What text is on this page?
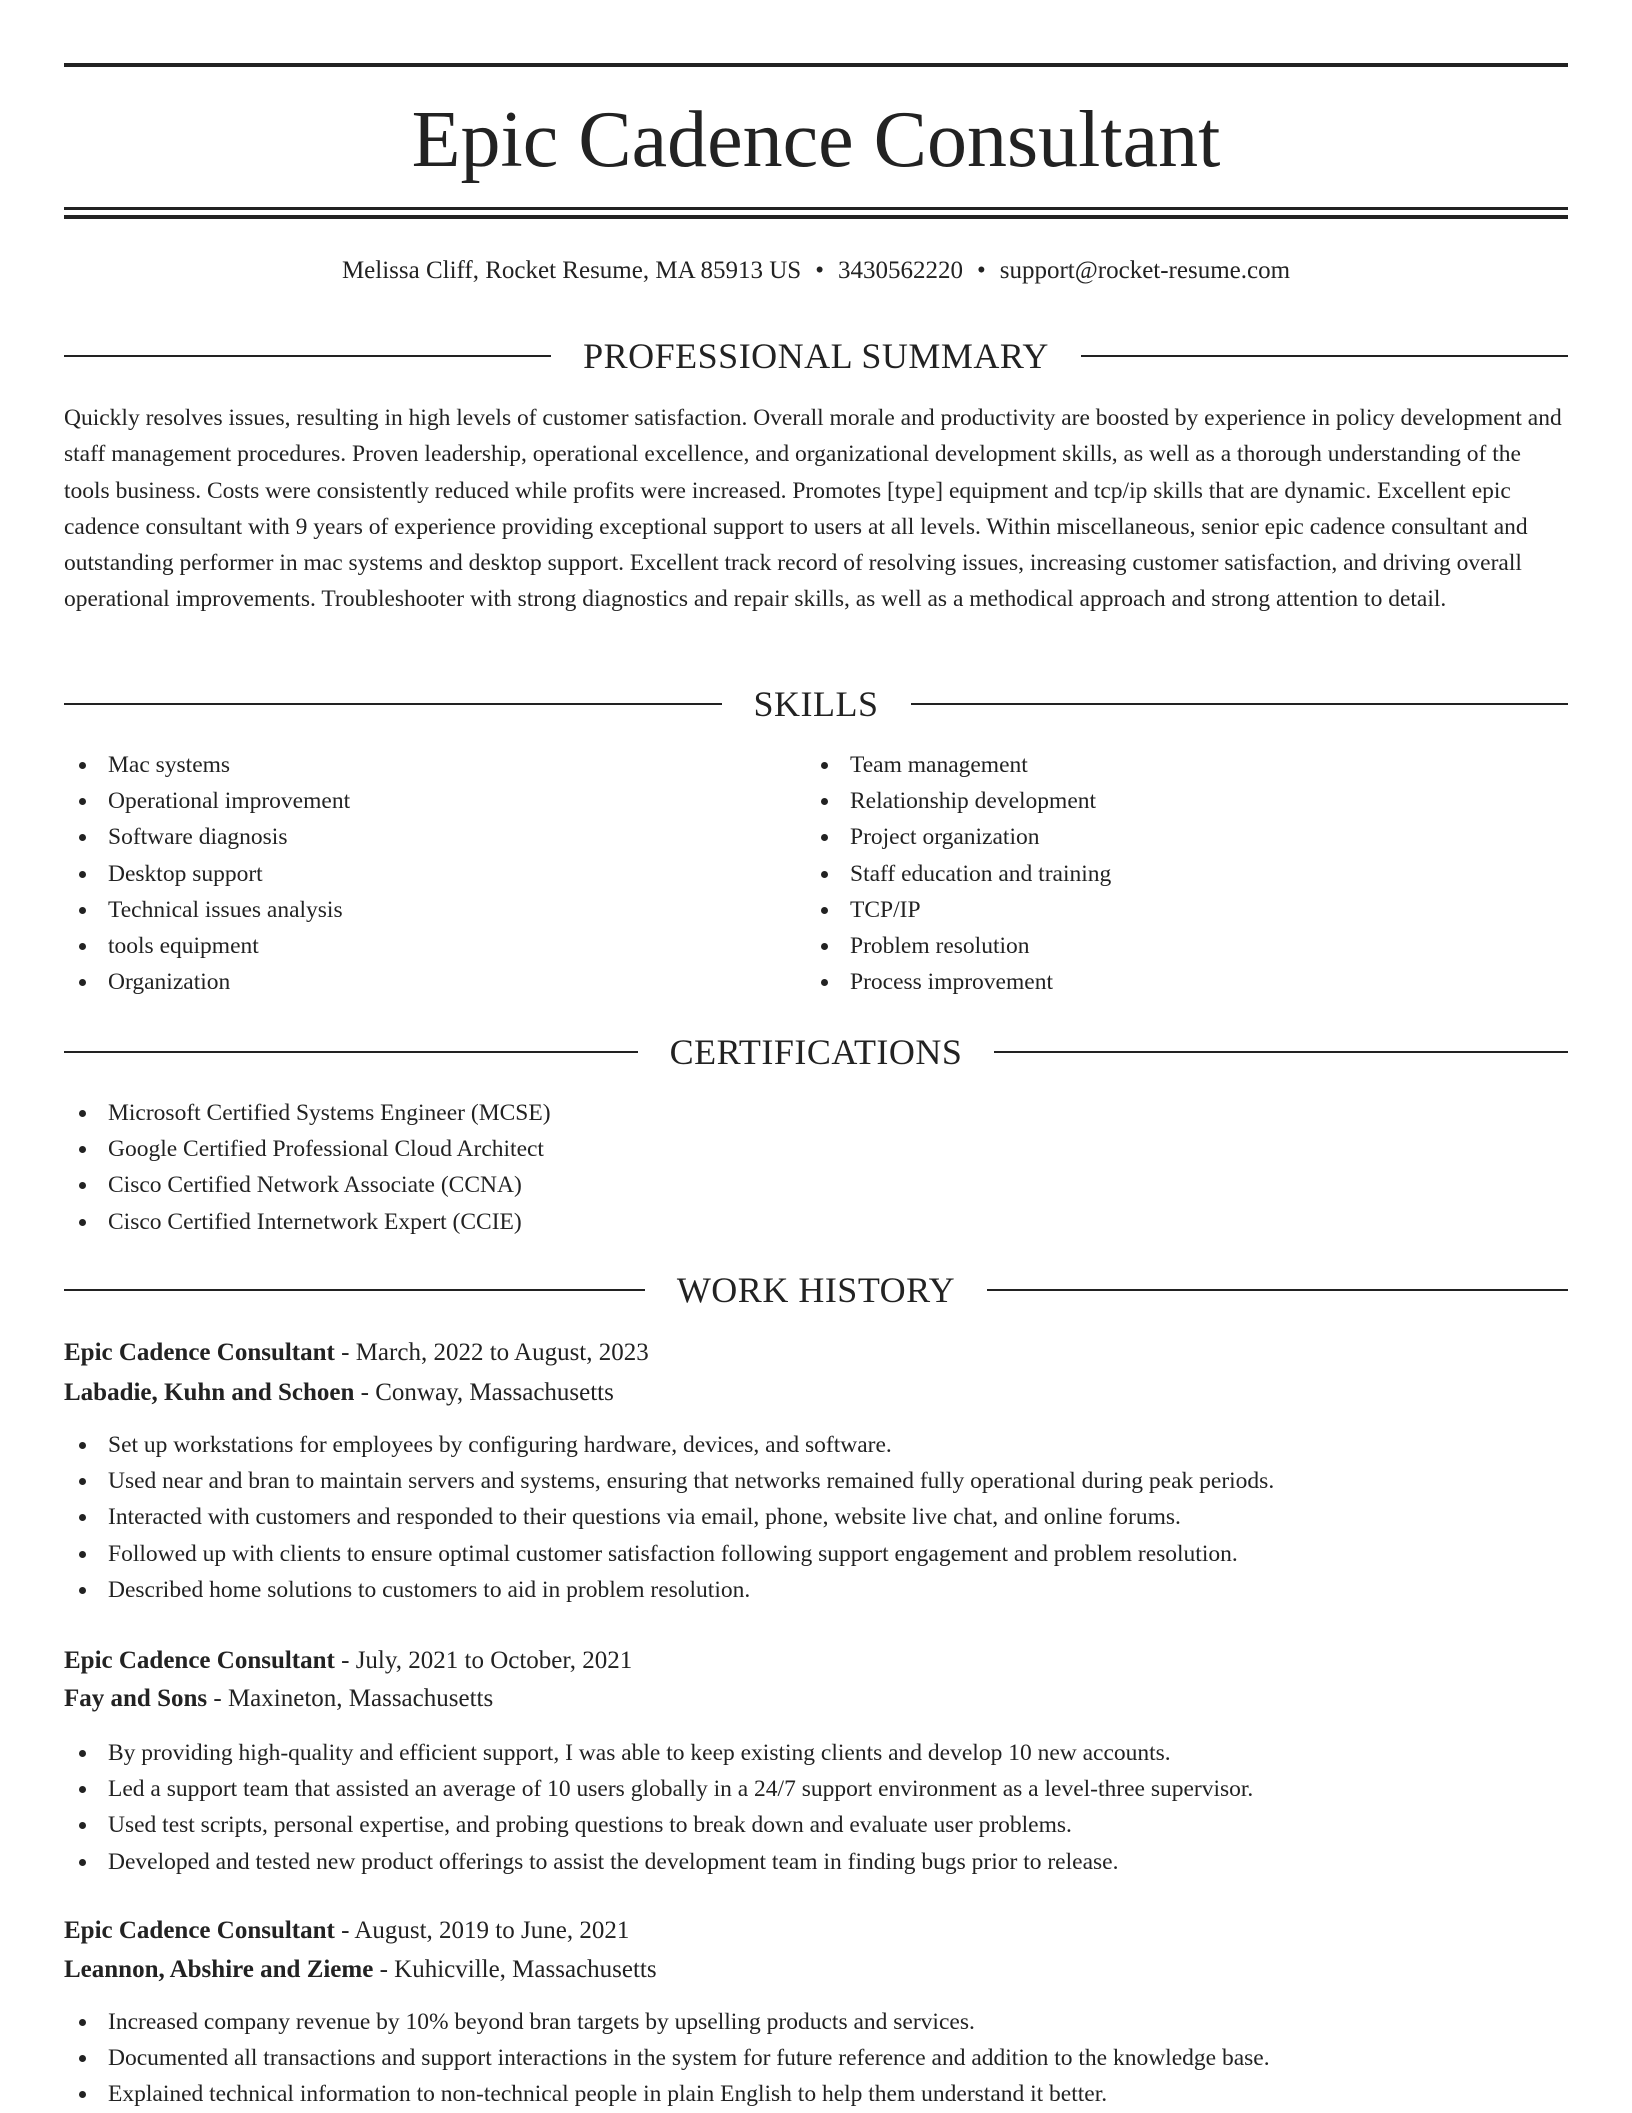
Epic Cadence Consultant
Melissa Cliff, Rocket Resume, MA 85913 US • 3430562220 • support@rocket-resume.com
PROFESSIONAL SUMMARY
Quickly resolves issues, resulting in high levels of customer satisfaction. Overall morale and productivity are boosted by experience in policy development and staff management procedures. Proven leadership, operational excellence, and organizational development skills, as well as a thorough understanding of the tools business. Costs were consistently reduced while profits were increased. Promotes [type] equipment and tcp/ip skills that are dynamic. Excellent epic cadence consultant with 9 years of experience providing exceptional support to users at all levels. Within miscellaneous, senior epic cadence consultant and outstanding performer in mac systems and desktop support. Excellent track record of resolving issues, increasing customer satisfaction, and driving overall operational improvements. Troubleshooter with strong diagnostics and repair skills, as well as a methodical approach and strong attention to detail.
SKILLS
Mac systems
Operational improvement
Software diagnosis
Desktop support
Technical issues analysis
tools equipment
Organization
Team management
Relationship development
Project organization
Staff education and training
TCP/IP
Problem resolution
Process improvement
CERTIFICATIONS
Microsoft Certified Systems Engineer (MCSE)
Google Certified Professional Cloud Architect
Cisco Certified Network Associate (CCNA)
Cisco Certified Internetwork Expert (CCIE)
WORK HISTORY
Epic Cadence Consultant - March, 2022 to August, 2023
Labadie, Kuhn and Schoen - Conway, Massachusetts
Set up workstations for employees by configuring hardware, devices, and software.
Used near and bran to maintain servers and systems, ensuring that networks remained fully operational during peak periods.
Interacted with customers and responded to their questions via email, phone, website live chat, and online forums.
Followed up with clients to ensure optimal customer satisfaction following support engagement and problem resolution.
Described home solutions to customers to aid in problem resolution.
Epic Cadence Consultant - July, 2021 to October, 2021
Fay and Sons - Maxineton, Massachusetts
By providing high-quality and efficient support, I was able to keep existing clients and develop 10 new accounts.
Led a support team that assisted an average of 10 users globally in a 24/7 support environment as a level-three supervisor.
Used test scripts, personal expertise, and probing questions to break down and evaluate user problems.
Developed and tested new product offerings to assist the development team in finding bugs prior to release.
Epic Cadence Consultant - August, 2019 to June, 2021
Leannon, Abshire and Zieme - Kuhicville, Massachusetts
Increased company revenue by 10% beyond bran targets by upselling products and services.
Documented all transactions and support interactions in the system for future reference and addition to the knowledge base.
Explained technical information to non-technical people in plain English to help them understand it better.
